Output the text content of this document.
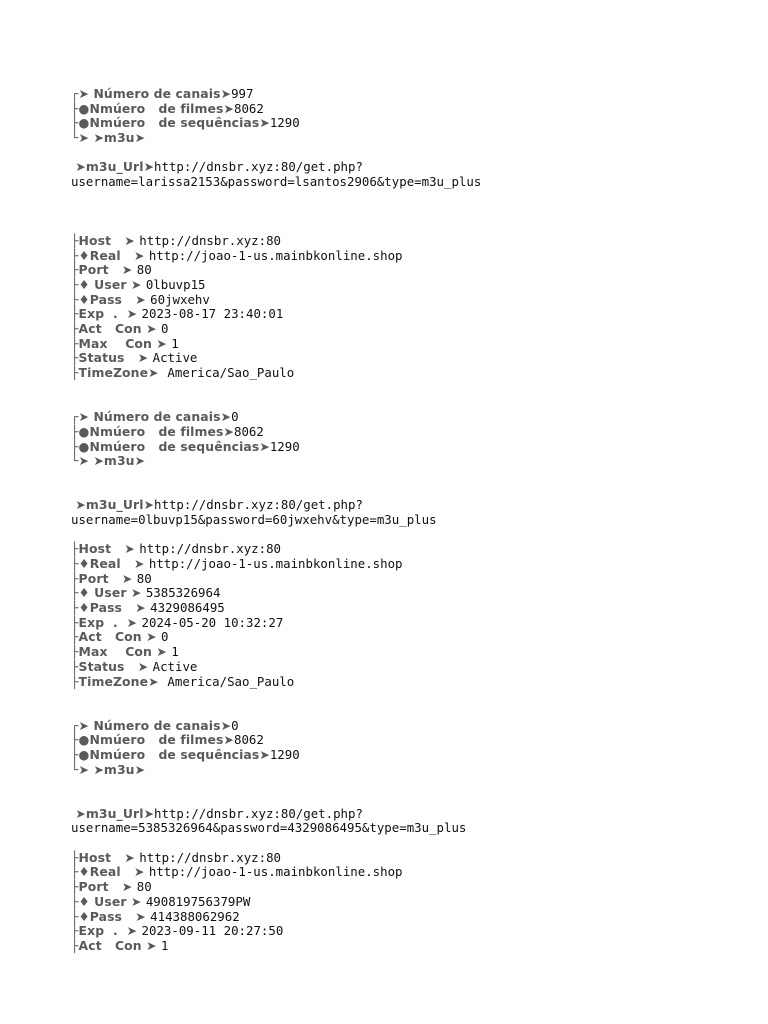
┌➤ Número de canais➤997
├●Nmúero   de filmes➤8062
├●Nmúero   de sequências➤1290
└➤ ➤m3u➤
➤m3u_Url➤http://dnsbr.xyz:80/get.php?
username=larissa2153&password=lsantos2906&type=m3u_plus
├Host   ➤ http://dnsbr.xyz:80
├♦Real   ➤ http://joao-1-us.mainbkonline.shop
├Port   ➤ 80
├♦ User ➤ 0lbuvp15
├♦Pass   ➤ 60jwxehv
├Exp  .  ➤ 2023-08-17 23:40:01
├Act   Con ➤ 0
├Max    Con ➤ 1
├Status   ➤ Active
├TimeZone➤  America/Sao_Paulo
┌➤ Número de canais➤0
├●Nmúero   de filmes➤8062
├●Nmúero   de sequências➤1290
└➤ ➤m3u➤
➤m3u_Url➤http://dnsbr.xyz:80/get.php?
username=0lbuvp15&password=60jwxehv&type=m3u_plus
├Host   ➤ http://dnsbr.xyz:80
├♦Real   ➤ http://joao-1-us.mainbkonline.shop
├Port   ➤ 80
├♦ User ➤ 5385326964
├♦Pass   ➤ 4329086495
├Exp  .  ➤ 2024-05-20 10:32:27
├Act   Con ➤ 0
├Max    Con ➤ 1
├Status   ➤ Active
├TimeZone➤  America/Sao_Paulo
┌➤ Número de canais➤0
├●Nmúero   de filmes➤8062
├●Nmúero   de sequências➤1290
└➤ ➤m3u➤
➤m3u_Url➤http://dnsbr.xyz:80/get.php?
username=5385326964&password=4329086495&type=m3u_plus
├Host   ➤ http://dnsbr.xyz:80
├♦Real   ➤ http://joao-1-us.mainbkonline.shop
├Port   ➤ 80
├♦ User ➤ 490819756379PW
├♦Pass   ➤ 414388062962
├Exp  .  ➤ 2023-09-11 20:27:50
├Act   Con ➤ 1
